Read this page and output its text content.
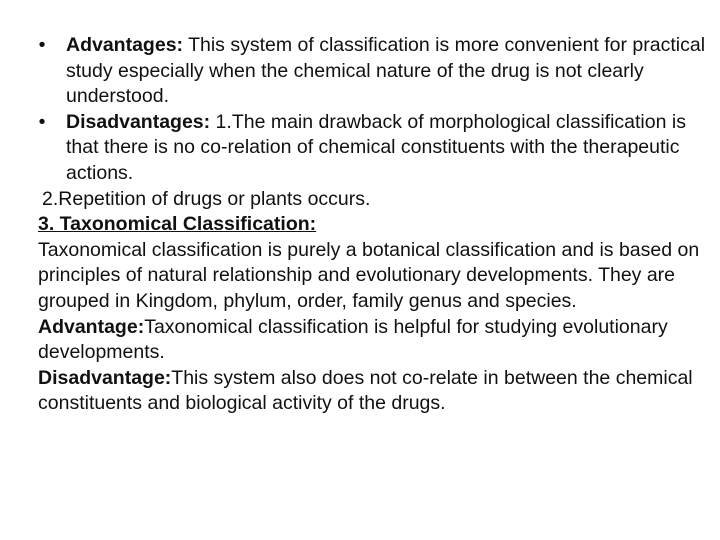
•	Advantages: This system of classification is more convenient for practical study especially when the chemical nature of the drug is not clearly understood.
•	Disadvantages: 1.The main drawback of morphological classification is that there is no co-relation of chemical constituents with the therapeutic actions.

2.Repetition of drugs or plants occurs.

3. Taxonomical Classification:

Taxonomical classification is purely a botanical classification and is based on principles of natural relationship and evolutionary developments. They are grouped in Kingdom, phylum, order, family genus and species.

Advantage:Taxonomical classification is helpful for studying evolutionary developments.

Disadvantage:This system also does not co-relate in between the chemical constituents and biological activity of the drugs.
